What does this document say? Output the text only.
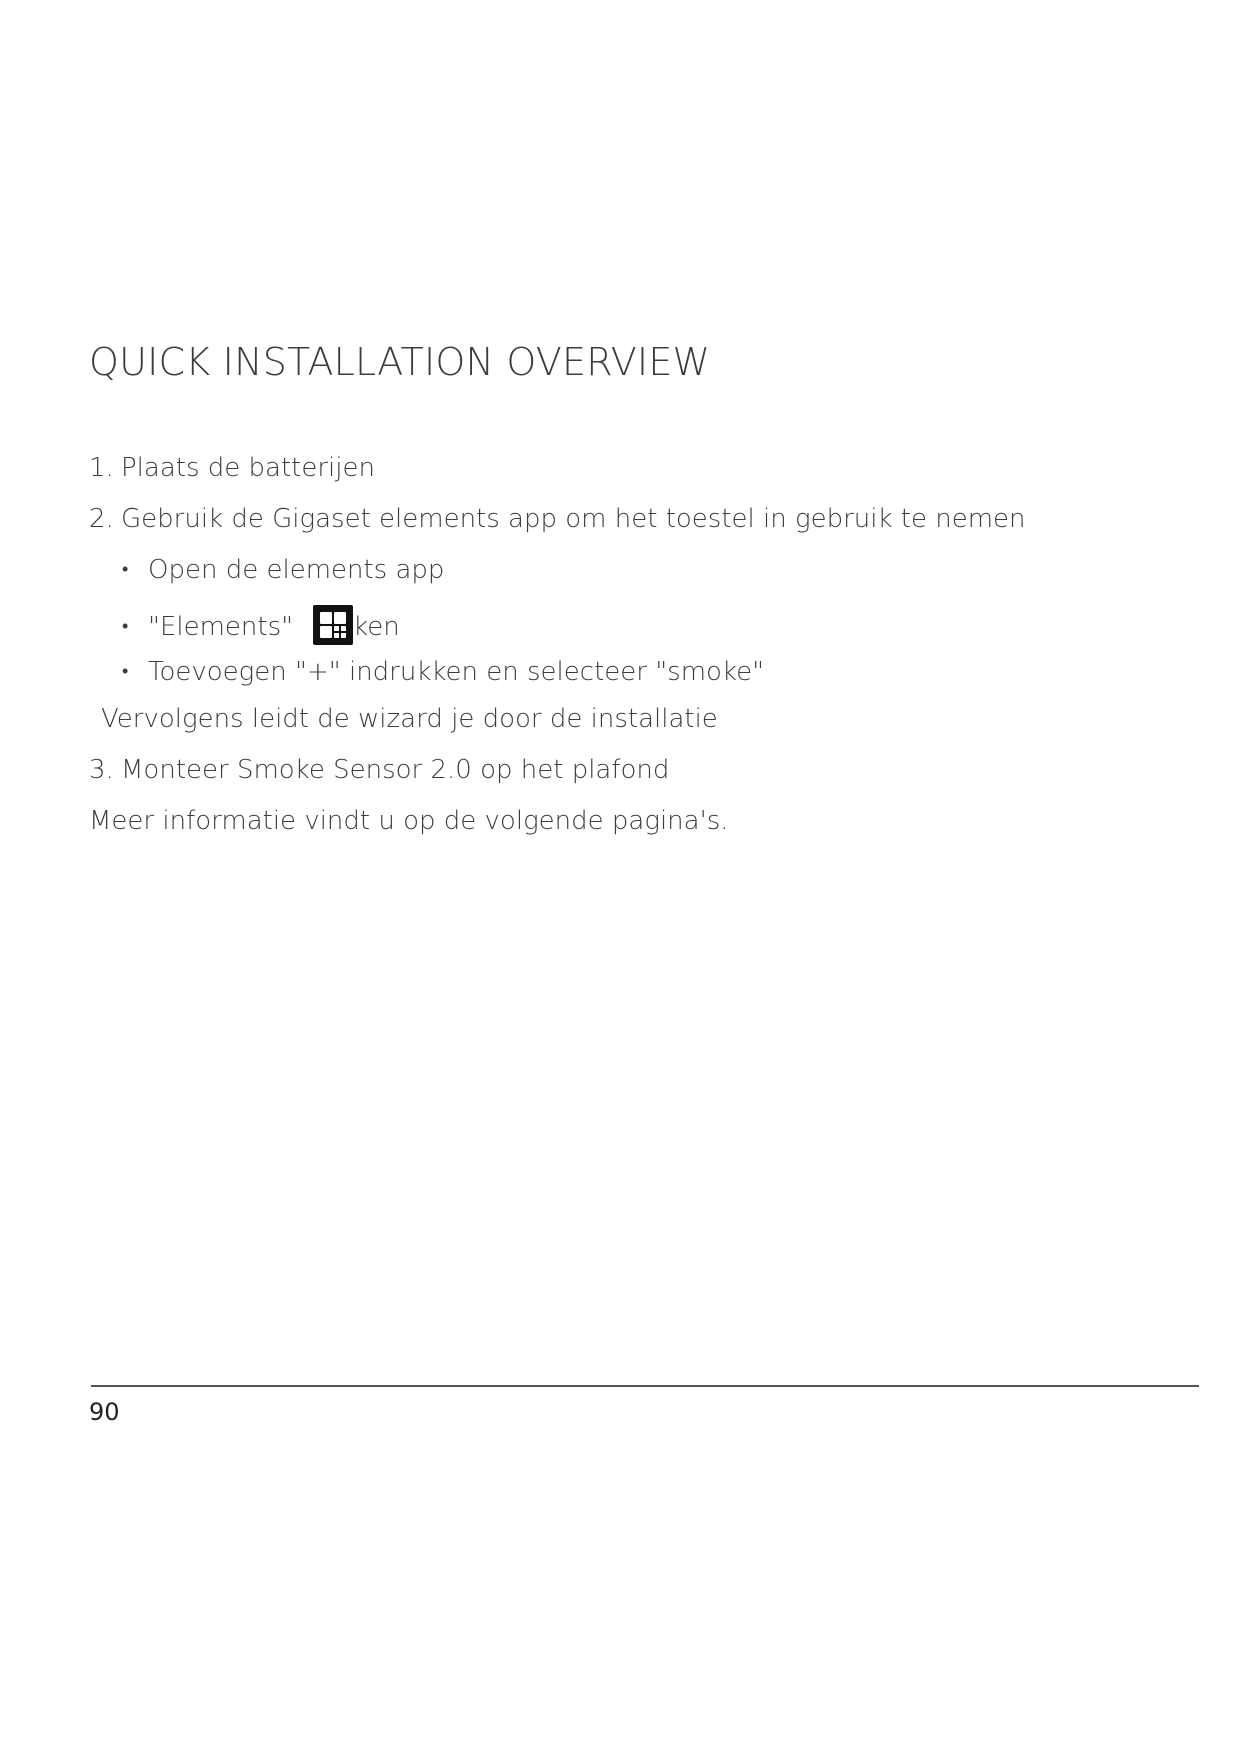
QUICK INSTALLATION OVERVIEW
1. Plaats de batterijen
2. Gebruik de Gigaset elements app om het toestel in gebruik te nemen
• Open de elements app
• "Elements" ken
• Toevoegen "+" indrukken en selecteer "smoke"
Vervolgens leidt de wizard je door de installatie
3. Monteer Smoke Sensor 2.0 op het plafond
Meer informatie vindt u op de volgende pagina's.
90
